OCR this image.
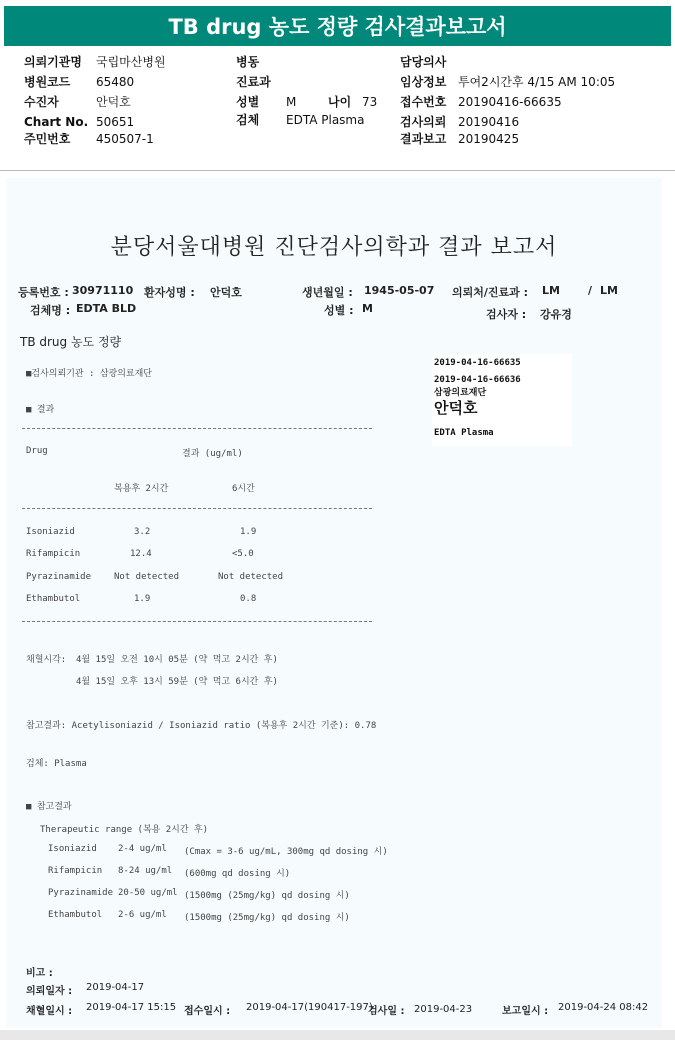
TB drug 농도 정량 검사결과보고서
의뢰기관명 국립마산병원
병원코드 65480
수진자	안덕호
Chart No. 50651
주민번호 450507-1
병동
진료과
성별 M	나이 73
검체 EDTA Plasma
담당의사
임상정보 투여2시간후 4/15 AM 10:05
접수번호 20190416-66635
검사의뢰 20190416
결과보고 20190425
분당서울대병원 진단검사의학과 결과 보고서
등록번호 : 30971110 환자성명 : 안덕호	생년월일 : 1945-05-07 의뢰처/진료과 : LM	/ LM
검체명 : EDTA BLD	성별 : M	검사자 : 강유경
TB drug 농도 정량
■검사의뢰기관 : 삼광의료재단
■ 결과
Drug	결과 (ug/ml)
복용후 2시간	6시간
Isoniazid	3.2	1.9
Rifampicin	12.4	<5.0
Pyrazinamide	Not detected	Not detected
Ethambutol	1.9	0.8
채혈시각: 4월 15일 오전 10시 05분 (약 먹고 2시간 후)
4월 15일 오후 13시 59분 (약 먹고 6시간 후)
참고결과: Acetylisoniazid / Isoniazid ratio (복용후 2시간 기준): 0.78
검체: Plasma
■ 참고결과
Therapeutic range (복용 2시간 후)
Isoniazid 2-4 ug/ml (Cmax = 3-6 ug/mL, 300mg qd dosing 시)
Rifampicin 8-24 ug/ml (600mg qd dosing 시)
Pyrazinamide 20-50 ug/ml (1500mg (25mg/kg) qd dosing 시)
Ethambutol 2-6 ug/ml (1500mg (25mg/kg) qd dosing 시)
비고 :
의뢰일자 : 2019-04-17
채혈일시 : 2019-04-17 15:15 접수일시 : 2019-04-17(190417-197)
검사일 : 2019-04-23	보고일시 : 2019-04-24 08:42
2019-04-16-66635
2019-04-16-66636
삼광의료재단
안덕호
EDTA Plasma
